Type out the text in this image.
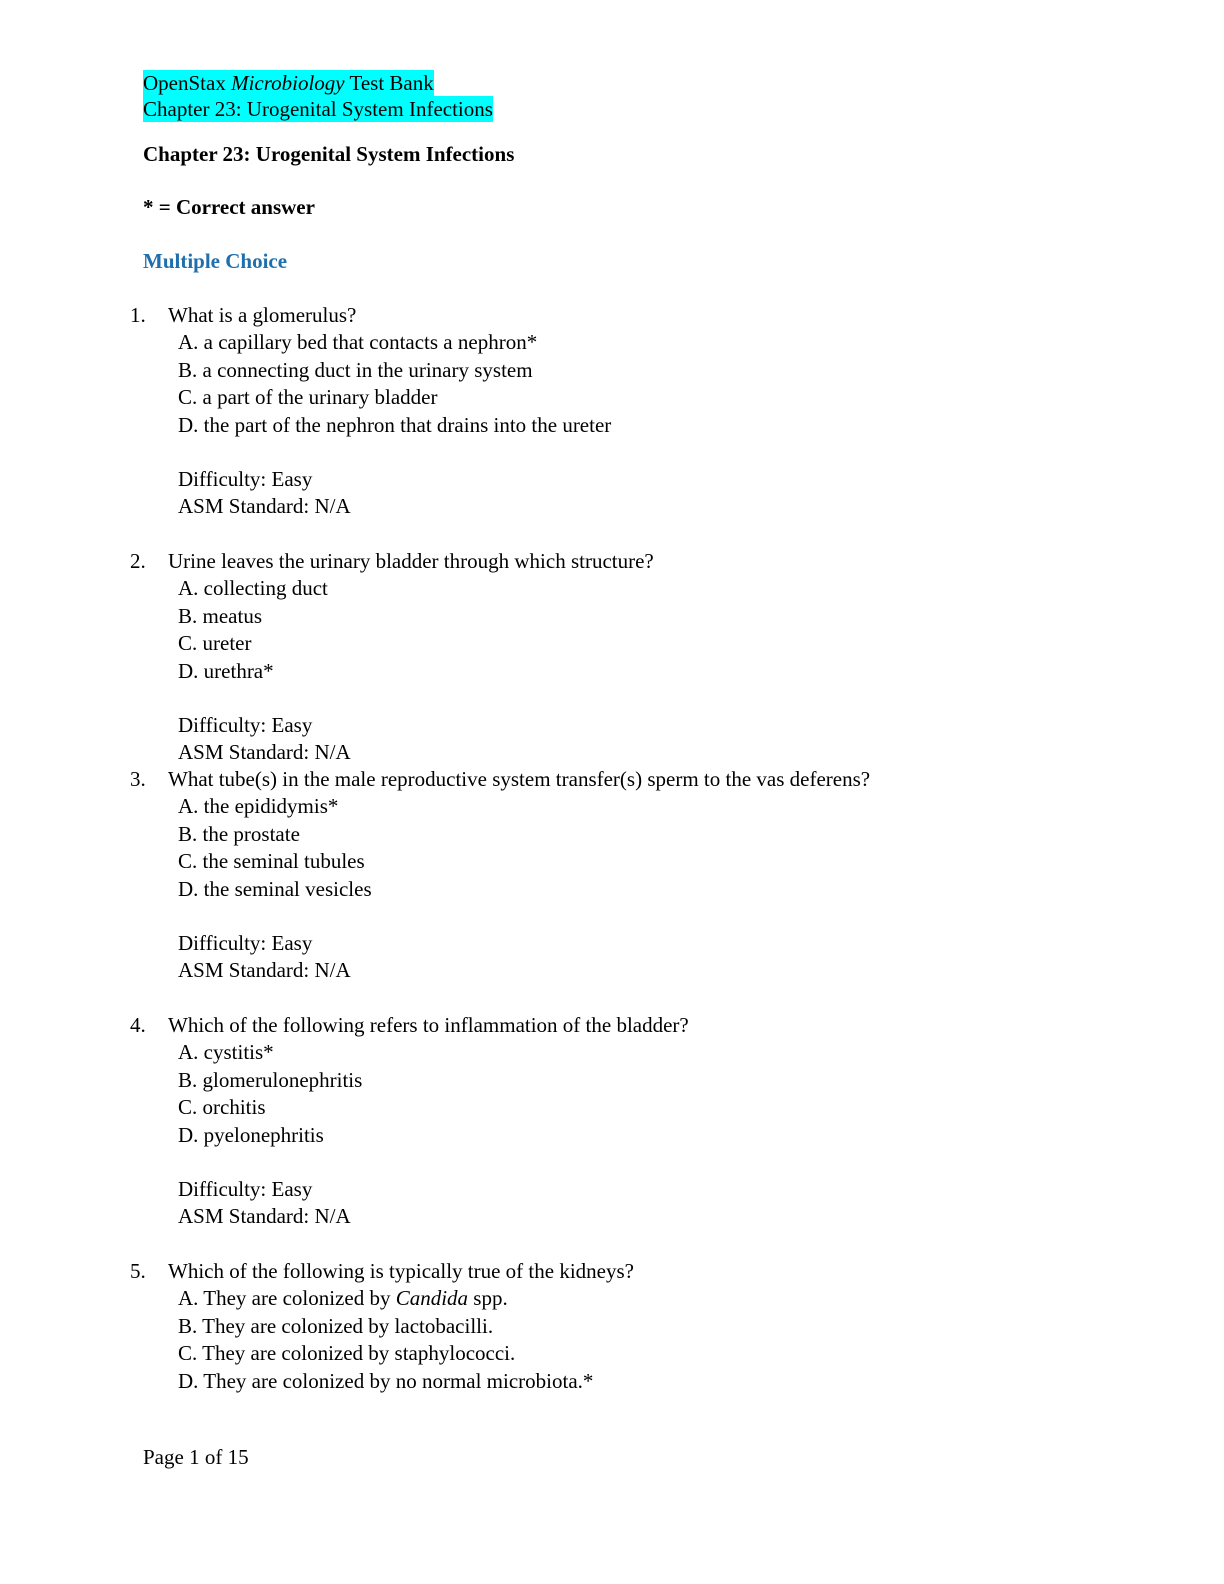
OpenStax Microbiology Test Bank
Chapter 23: Urogenital System Infections
Chapter 23: Urogenital System Infections
* = Correct answer
Multiple Choice
1. What is a glomerulus?
A. a capillary bed that contacts a nephron*
B. a connecting duct in the urinary system
C. a part of the urinary bladder
D. the part of the nephron that drains into the ureter
Difficulty: Easy
ASM Standard: N/A
2. Urine leaves the urinary bladder through which structure?
A. collecting duct
B. meatus
C. ureter
D. urethra*
Difficulty: Easy
ASM Standard: N/A
3. What tube(s) in the male reproductive system transfer(s) sperm to the vas deferens?
A. the epididymis*
B. the prostate
C. the seminal tubules
D. the seminal vesicles
Difficulty: Easy
ASM Standard: N/A
4. Which of the following refers to inflammation of the bladder?
A. cystitis*
B. glomerulonephritis
C. orchitis
D. pyelonephritis
Difficulty: Easy
ASM Standard: N/A
5. Which of the following is typically true of the kidneys?
A. They are colonized by Candida spp.
B. They are colonized by lactobacilli.
C. They are colonized by staphylococci.
D. They are colonized by no normal microbiota.*
Page 1 of 15
